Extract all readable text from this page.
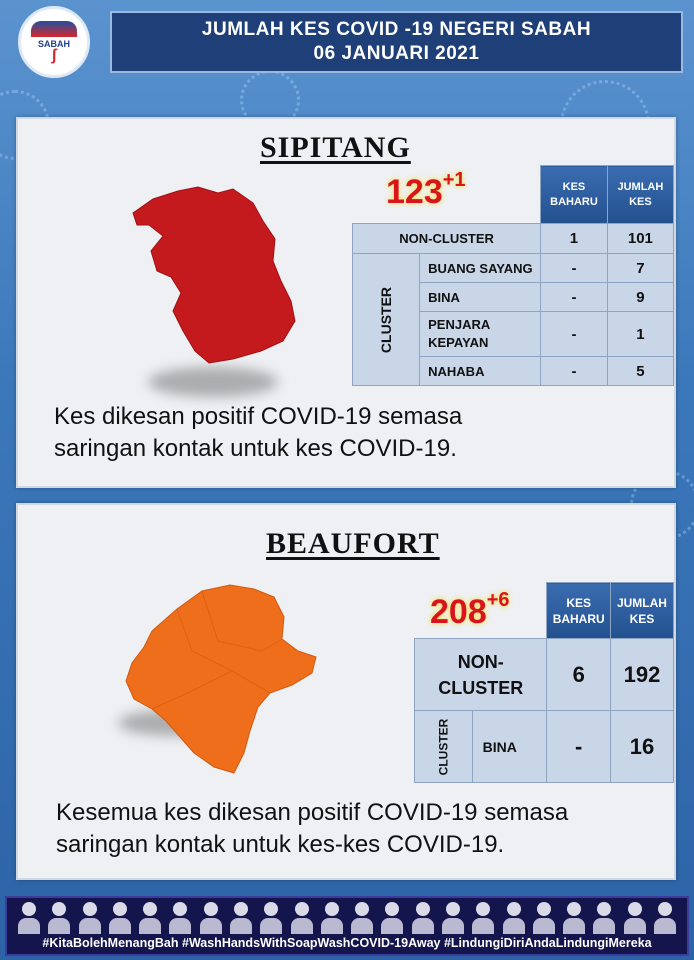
SABAH
ʃ
JUMLAH KES COVID -19 NEGERI SABAH
06 JANUARI 2021
SIPITANG
$123^{+1}$
		KES
BAHARU	JUMLAH
KES
NON-CLUSTER		1	101
CLUSTER	BUANG SAYANG	-	7
	BINA	-	9
	PENJARA
KEPAYAN	-	1
	NAHABA	-	5
Kes dikesan positif COVID-19 semasa
saringan kontak untuk kes COVID-19.
BEAUFORT
$208^{+6}$
		KES
BAHARU	JUMLAH
KES
NON-
CLUSTER		6	192
CLUSTER	BINA	-	16
Kesemua kes dikesan positif COVID-19 semasa
saringan kontak untuk kes-kes COVID-19.
#KitaBolehMenangBah #WashHandsWithSoapWashCOVID-19Away #LindungiDiriAndaLindungiMereka
